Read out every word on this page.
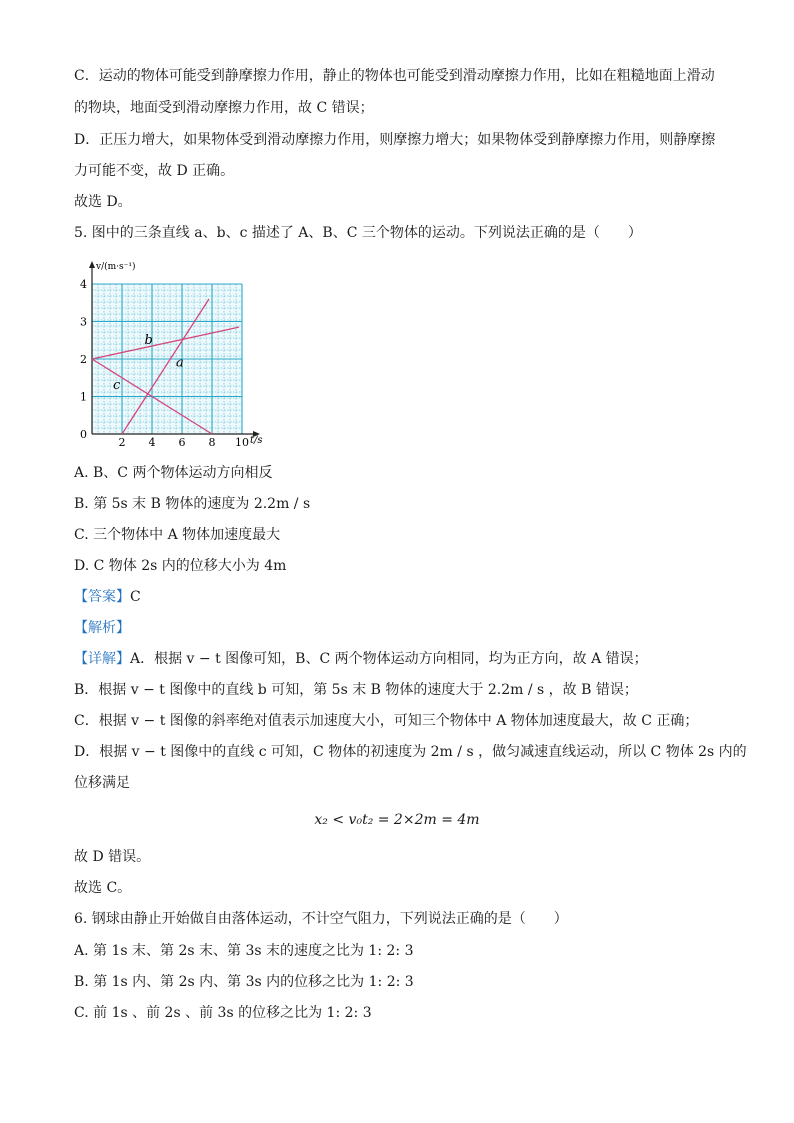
C．运动的物体可能受到静摩擦力作用，静止的物体也可能受到滑动摩擦力作用，比如在粗糙地面上滑动
的物块，地面受到滑动摩擦力作用，故 C 错误；
D．正压力增大，如果物体受到滑动摩擦力作用，则摩擦力增大；如果物体受到静摩擦力作用，则静摩擦
力可能不变，故 D 正确。
故选 D。
5. 图中的三条直线 a、b、c 描述了 A、B、C 三个物体的运动。下列说法正确的是（　　）
v/(m·s⁻¹)
t/s
0
2 4 6 8 10
1
2
3
4
a
b
c
A. B、C 两个物体运动方向相反
B. 第 5s 末 B 物体的速度为 2.2m / s
C. 三个物体中 A 物体加速度最大
D. C 物体 2s 内的位移大小为 4m
【答案】C
【解析】
【详解】A．根据 v − t 图像可知，B、C 两个物体运动方向相同，均为正方向，故 A 错误；
B．根据 v − t 图像中的直线 b 可知，第 5s 末 B 物体的速度大于 2.2m / s ，故 B 错误；
C．根据 v − t 图像的斜率绝对值表示加速度大小，可知三个物体中 A 物体加速度最大，故 C 正确；
D．根据 v − t 图像中的直线 c 可知，C 物体的初速度为 2m / s ，做匀减速直线运动，所以 C 物体 2s 内的
位移满足
x₂ < v₀t₂ = 2×2m = 4m
故 D 错误。
故选 C。
6. 钢球由静止开始做自由落体运动，不计空气阻力，下列说法正确的是（　　）
A. 第 1s 末、第 2s 末、第 3s 末的速度之比为 1: 2: 3
B. 第 1s 内、第 2s 内、第 3s 内的位移之比为 1: 2: 3
C. 前 1s 、前 2s 、前 3s 的位移之比为 1: 2: 3
